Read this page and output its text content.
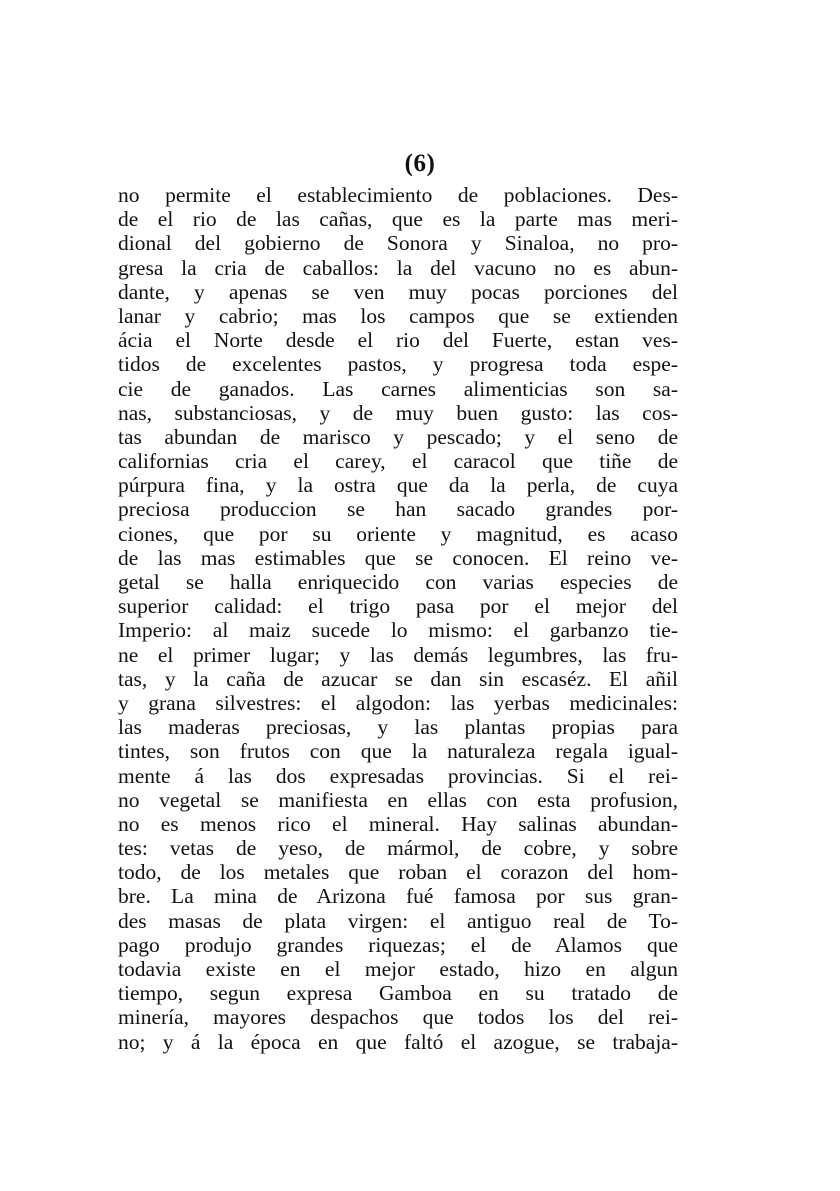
(6)
no permite el establecimiento de poblaciones. Des-
de el rio de las cañas, que es la parte mas meri-
dional del gobierno de Sonora y Sinaloa, no pro-
gresa la cria de caballos: la del vacuno no es abun-
dante, y apenas se ven muy pocas porciones del
lanar y cabrio; mas los campos que se extienden
ácia el Norte desde el rio del Fuerte, estan ves-
tidos de excelentes pastos, y progresa toda espe-
cie de ganados. Las carnes alimenticias son sa-
nas, substanciosas, y de muy buen gusto: las cos-
tas abundan de marisco y pescado; y el seno de
californias cria el carey, el caracol que tiñe de
púrpura fina, y la ostra que da la perla, de cuya
preciosa produccion se han sacado grandes por-
ciones, que por su oriente y magnitud, es acaso
de las mas estimables que se conocen. El reino ve-
getal se halla enriquecido con varias especies de
superior calidad: el trigo pasa por el mejor del
Imperio: al maiz sucede lo mismo: el garbanzo tie-
ne el primer lugar; y las demás legumbres, las fru-
tas, y la caña de azucar se dan sin escaséz. El añil
y grana silvestres: el algodon: las yerbas medicinales:
las maderas preciosas, y las plantas propias para
tintes, son frutos con que la naturaleza regala igual-
mente á las dos expresadas provincias. Si el rei-
no vegetal se manifiesta en ellas con esta profusion,
no es menos rico el mineral. Hay salinas abundan-
tes: vetas de yeso, de mármol, de cobre, y sobre
todo, de los metales que roban el corazon del hom-
bre. La mina de Arizona fué famosa por sus gran-
des masas de plata virgen: el antiguo real de To-
pago produjo grandes riquezas; el de Alamos que
todavia existe en el mejor estado, hizo en algun
tiempo, segun expresa Gamboa en su tratado de
minería, mayores despachos que todos los del rei-
no; y á la época en que faltó el azogue, se trabaja-
